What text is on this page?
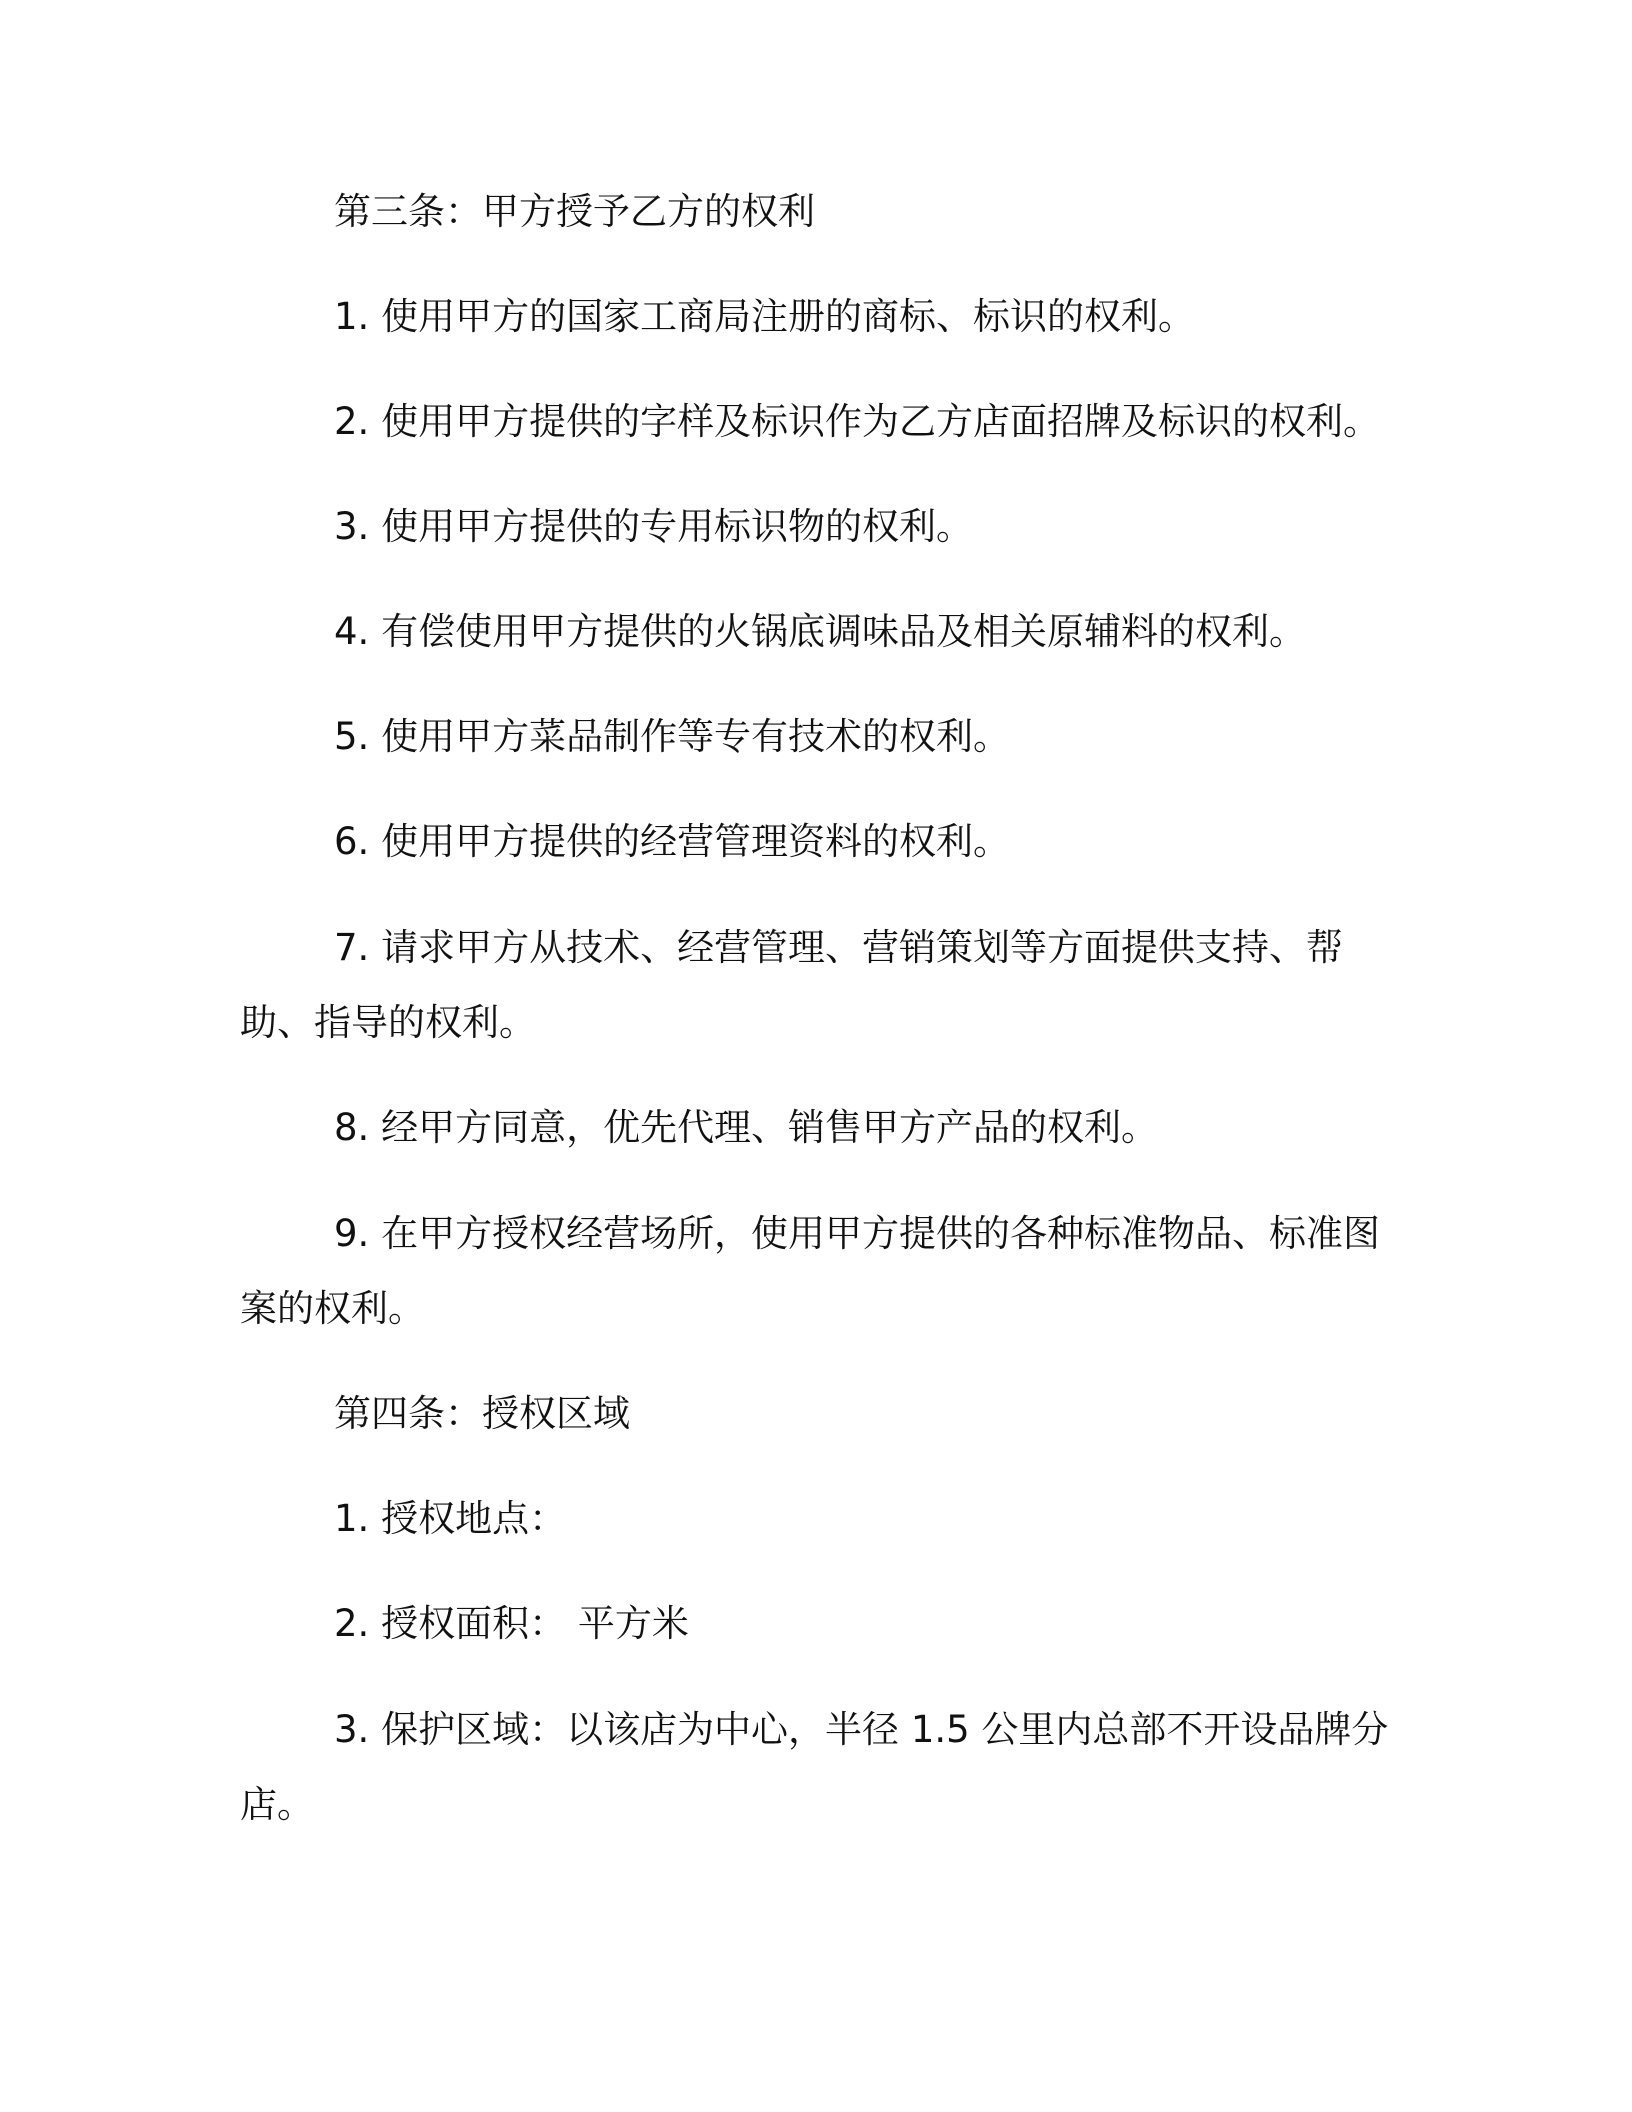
第三条：甲方授予乙方的权利

1. 使用甲方的国家工商局注册的商标、标识的权利。

2. 使用甲方提供的字样及标识作为乙方店面招牌及标识的权利。

3. 使用甲方提供的专用标识物的权利。

4. 有偿使用甲方提供的火锅底调味品及相关原辅料的权利。

5. 使用甲方菜品制作等专有技术的权利。

6. 使用甲方提供的经营管理资料的权利。

7. 请求甲方从技术、经营管理、营销策划等方面提供支持、帮助、指导的权利。

8. 经甲方同意，优先代理、销售甲方产品的权利。

9. 在甲方授权经营场所，使用甲方提供的各种标准物品、标准图案的权利。

第四条：授权区域

1. 授权地点：

2. 授权面积： 平方米

3. 保护区域：以该店为中心，半径 1.5 公里内总部不开设品牌分店。
